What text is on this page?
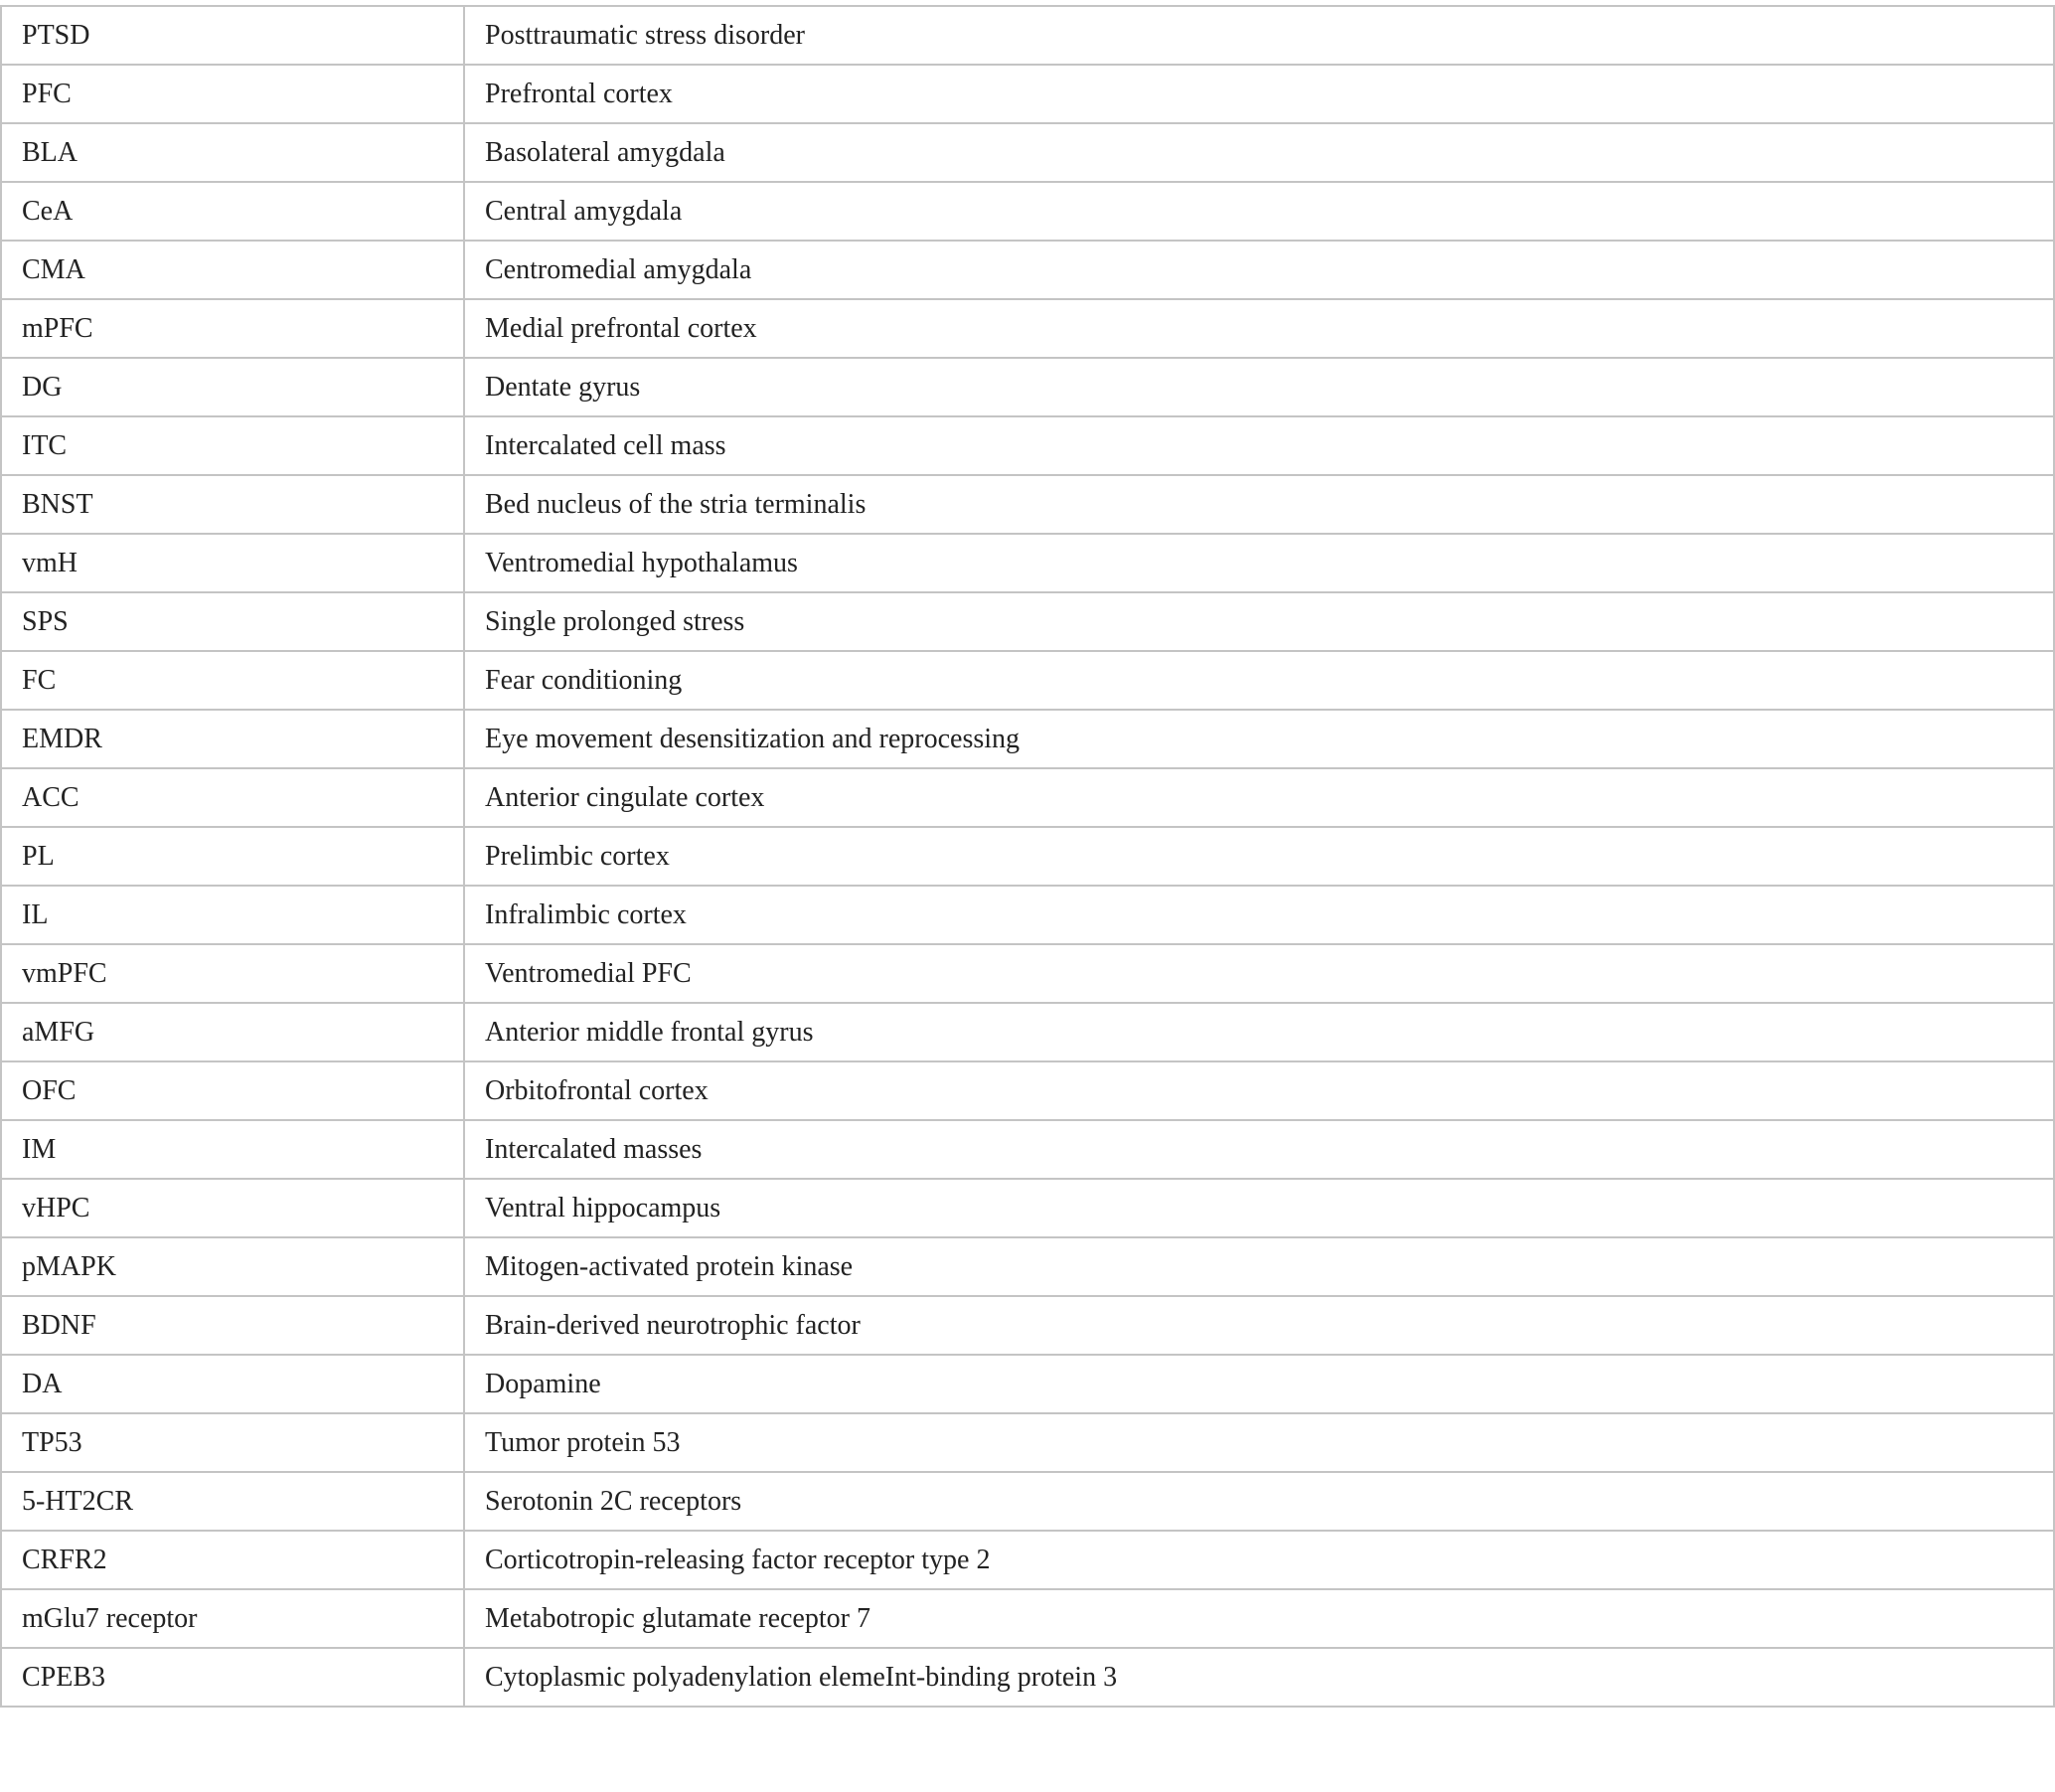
PTSD	Posttraumatic stress disorder
PFC	Prefrontal cortex
BLA	Basolateral amygdala
CeA	Central amygdala
CMA	Centromedial amygdala
mPFC	Medial prefrontal cortex
DG	Dentate gyrus
ITC	Intercalated cell mass
BNST	Bed nucleus of the stria terminalis
vmH	Ventromedial hypothalamus
SPS	Single prolonged stress
FC	Fear conditioning
EMDR	Eye movement desensitization and reprocessing
ACC	Anterior cingulate cortex
PL	Prelimbic cortex
IL	Infralimbic cortex
vmPFC	Ventromedial PFC
aMFG	Anterior middle frontal gyrus
OFC	Orbitofrontal cortex
IM	Intercalated masses
vHPC	Ventral hippocampus
pMAPK	Mitogen-activated protein kinase
BDNF	Brain-derived neurotrophic factor
DA	Dopamine
TP53	Tumor protein 53
5-HT2CR	Serotonin 2C receptors
CRFR2	Corticotropin-releasing factor receptor type 2
mGlu7 receptor	Metabotropic glutamate receptor 7
CPEB3	Cytoplasmic polyadenylation elemeInt-binding protein 3
